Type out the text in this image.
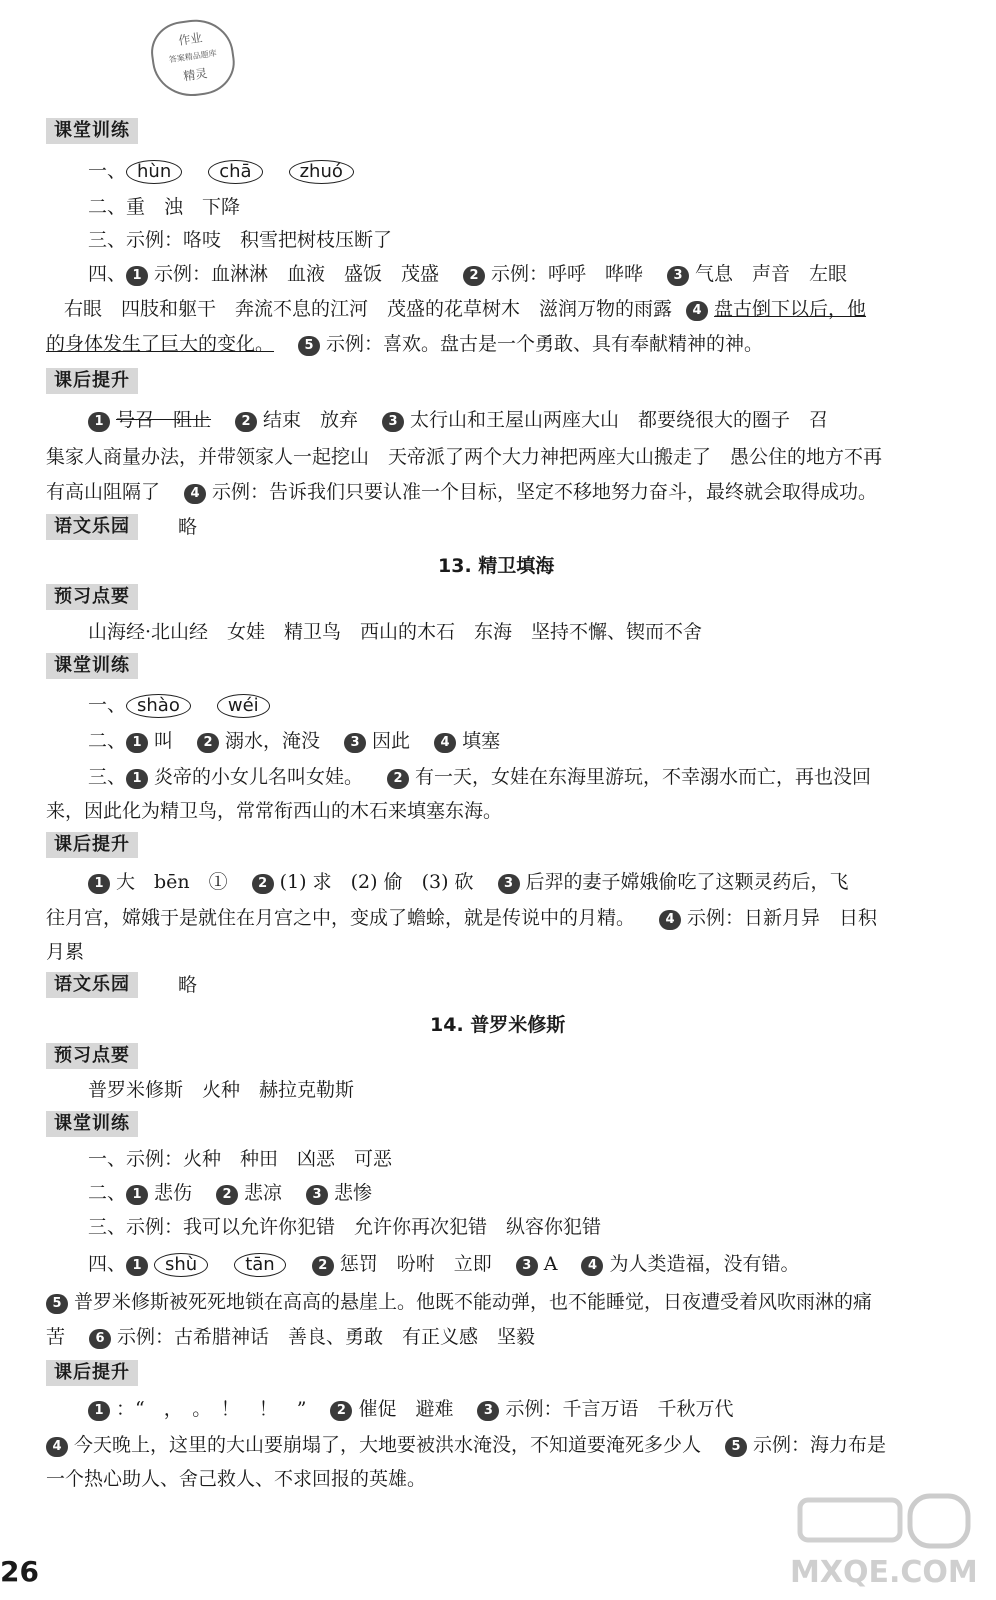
作业
答案精品题库
精灵
课堂训练
一、 hùn	chā	zhuó
二、重　浊　下降
三、示例：咯吱　积雪把树枝压断了
四、 1 示例：血淋淋　血液　盛饭　茂盛 2 示例：呼呼　哗哗 3 气息　声音　左眼
右眼　四肢和躯干　奔流不息的江河　茂盛的花草树木　滋润万物的雨露 4 盘古倒下以后，他
的身体发生了巨大的变化。 5 示例：喜欢。盘古是一个勇敢、具有奉献精神的神。
课后提升
1 号召　阻止 2 结束　放弃 3 太行山和王屋山两座大山　都要绕很大的圈子　召
集家人商量办法，并带领家人一起挖山　天帝派了两个大力神把两座大山搬走了　愚公住的地方不再
有高山阻隔了 4 示例：告诉我们只要认准一个目标，坚定不移地努力奋斗，最终就会取得成功。
语文乐园	略
13. 精卫填海
预习点要
山海经·北山经　女娃　精卫鸟　西山的木石　东海　坚持不懈、锲而不舍
课堂训练
一、 shào	wéi
二、 1 叫 2 溺水，淹没 3 因此 4 填塞
三、 1 炎帝的小女儿名叫女娃。 2 有一天，女娃在东海里游玩，不幸溺水而亡，再也没回
来，因此化为精卫鸟，常常衔西山的木石来填塞东海。
课后提升
1 大　bēn　① 2 (1) 求　(2) 偷　(3) 砍 3 后羿的妻子嫦娥偷吃了这颗灵药后，飞
往月宫，嫦娥于是就住在月宫之中，变成了蟾蜍，就是传说中的月精。 4 示例：日新月异　日积
月累
语文乐园	略
14. 普罗米修斯
预习点要
普罗米修斯　火种　赫拉克勒斯
课堂训练
一、示例：火种　种田　凶恶　可恶
二、 1 悲伤 2 悲凉 3 悲惨
三、示例：我可以允许你犯错　允许你再次犯错　纵容你犯错
四、 1 shù	tān	2 惩罚　吩咐　立即 3 A 4 为人类造福，没有错。
5 普罗米修斯被死死地锁在高高的悬崖上。他既不能动弹，也不能睡觉，日夜遭受着风吹雨淋的痛
苦 6 示例：古希腊神话　善良、勇敢　有正义感　坚毅
课后提升
1 ：“　，　。　！　！　” 2 催促　避难 3 示例：千言万语　千秋万代
4 今天晚上，这里的大山要崩塌了，大地要被洪水淹没，不知道要淹死多少人 5 示例：海力布是
一个热心助人、舍己救人、不求回报的英雄。
26	MXQE.COM
